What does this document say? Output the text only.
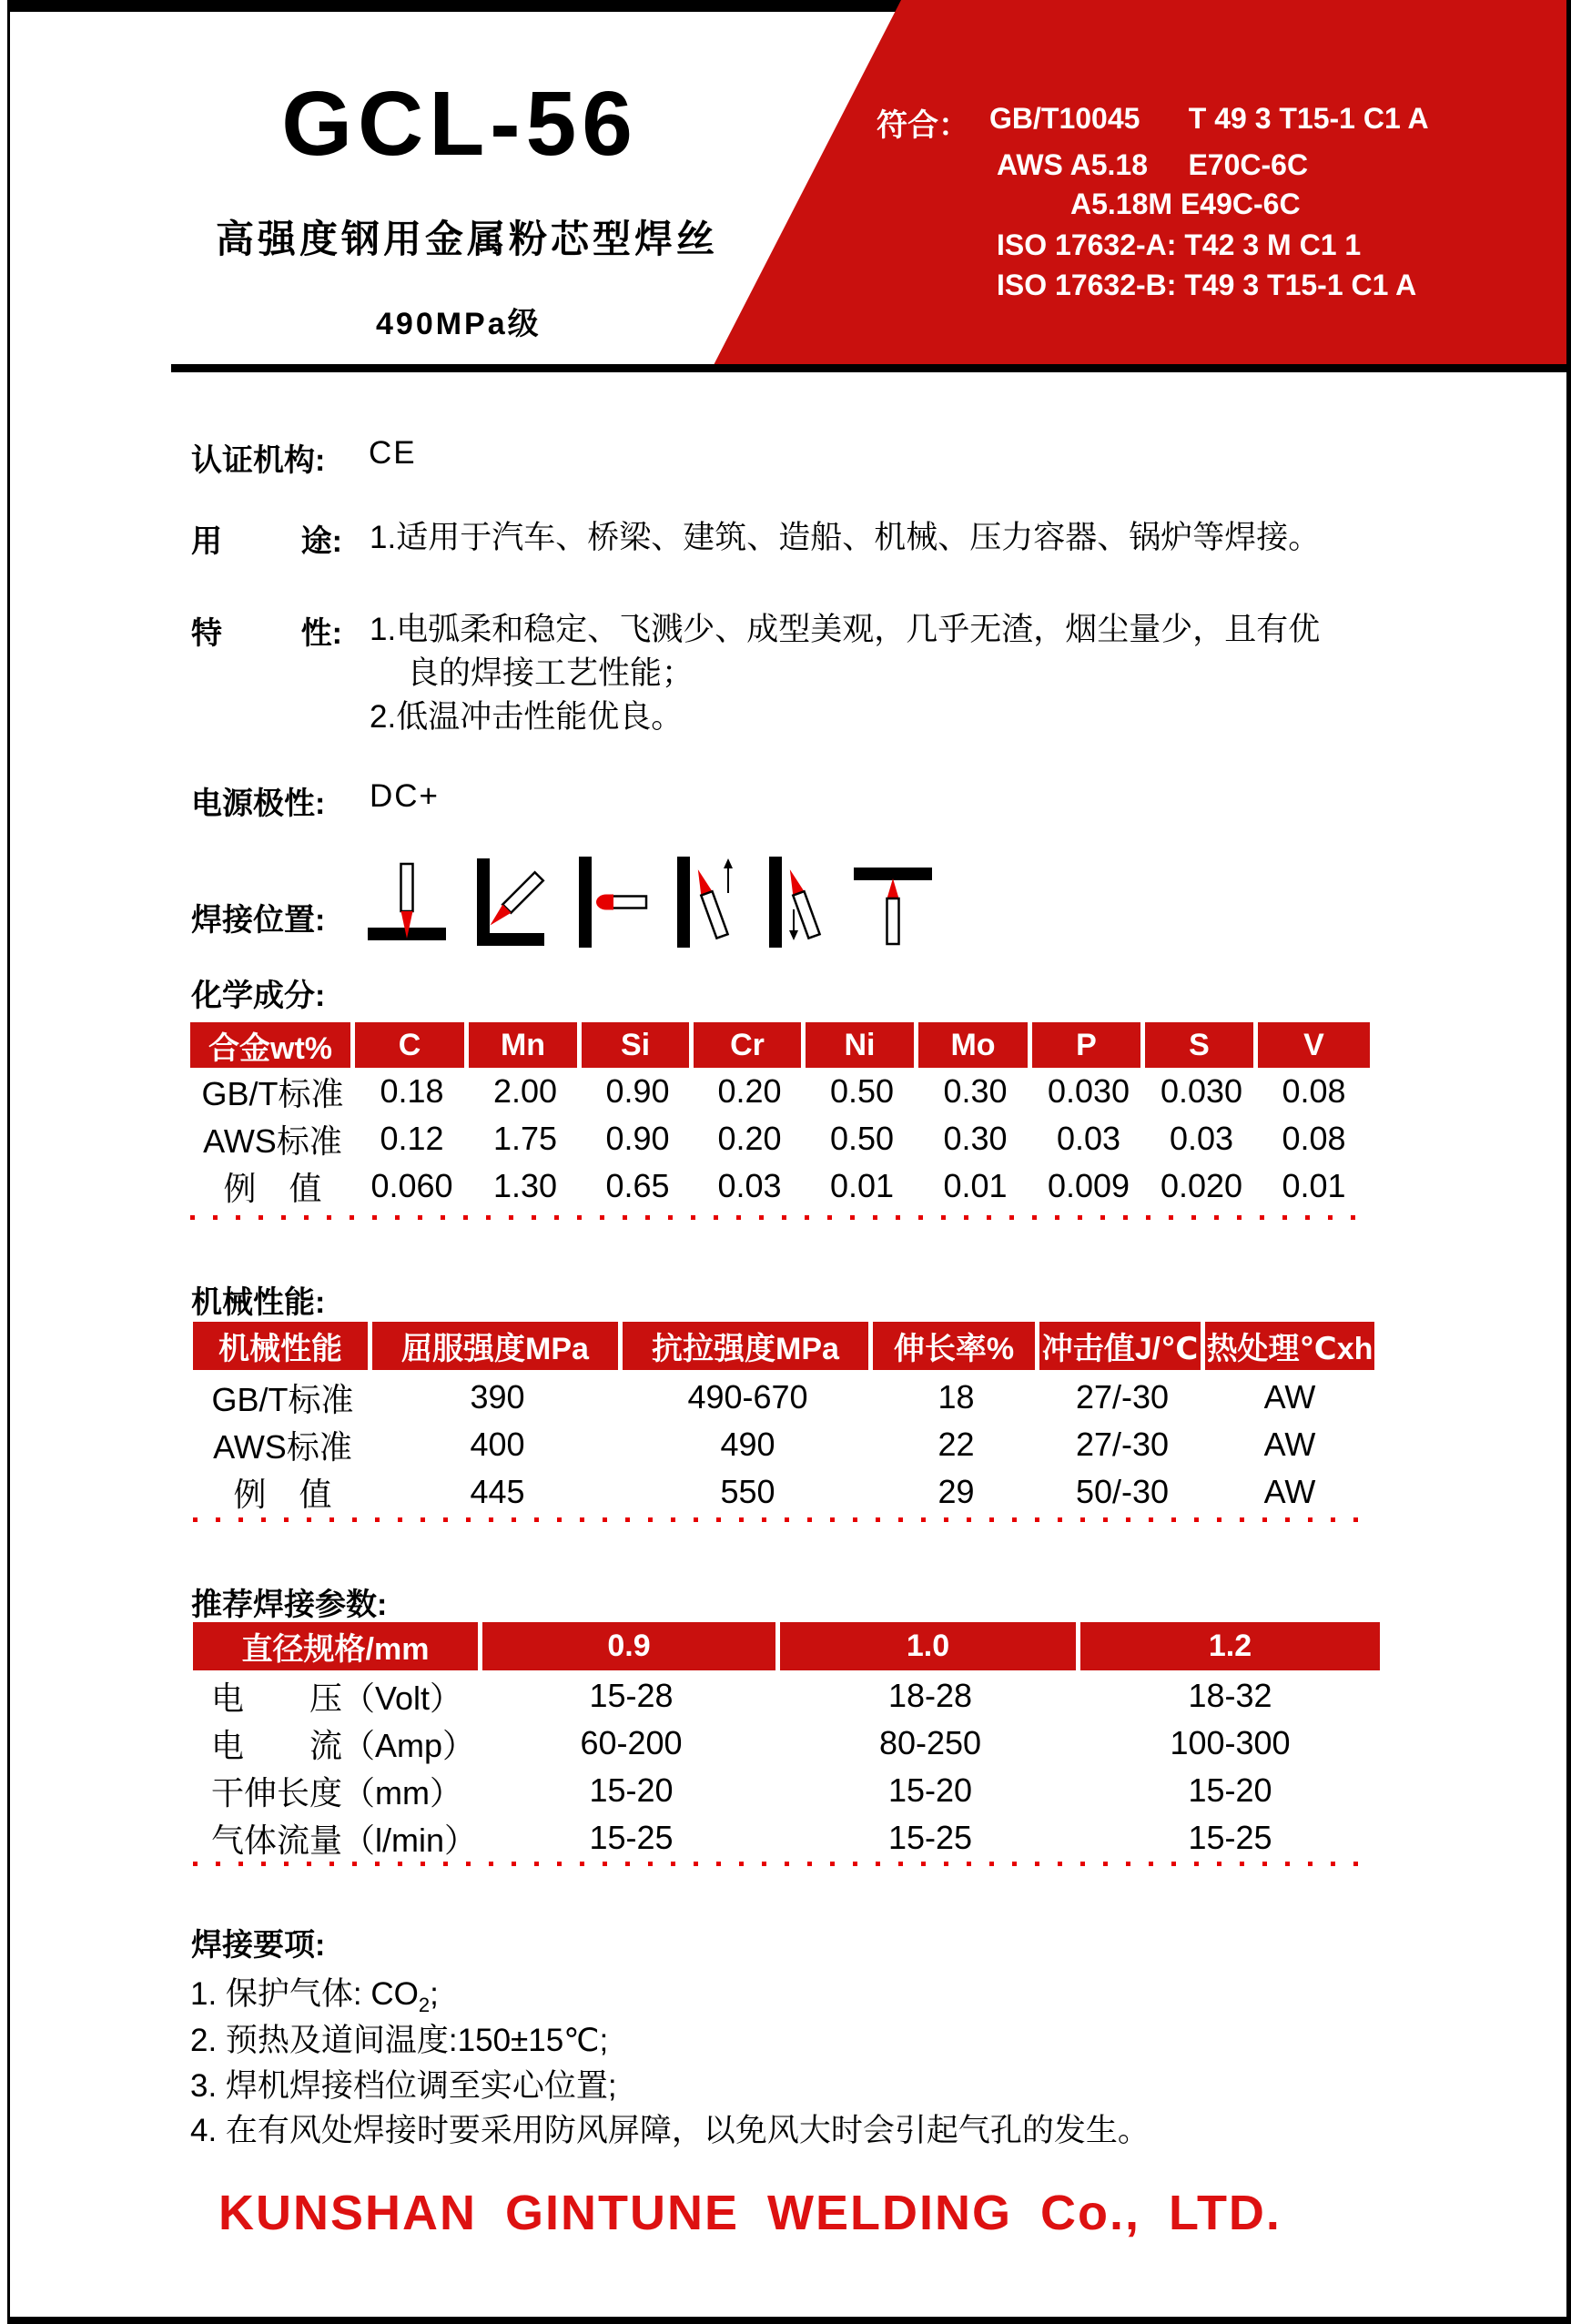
符合： GB/T10045      T 49 3 T15-1 C1 A
AWS A5.18     E70C-6C
A5.18M E49C-6C
ISO 17632-A: T42 3 M C1 1
ISO 17632-B: T49 3 T15-1 C1 A
GCL-56
高强度钢用金属粉芯型焊丝
490MPa级
认证机构: CE
用	途: 1.适用于汽车、桥梁、建筑、造船、机械、压力容器、锅炉等焊接。
特	性: 1.电弧柔和稳定、飞溅少、成型美观，几乎无渣，烟尘量少，且有优
良的焊接工艺性能；
2.低温冲击性能优良。
电源极性: DC+
焊接位置:
化学成分:
合金wt%	C	Mn	Si	Cr	Ni	Mo	P	S	V
GB/T标准	0.18	2.00	0.90	0.20	0.50	0.30	0.030 0.030	0.08
AWS标准	0.12	1.75	0.90	0.20	0.50	0.30	0.03	0.03	0.08
例　值	0.060	1.30	0.65	0.03	0.01	0.01	0.009 0.020	0.01
机械性能:
机械性能	屈服强度MPa	抗拉强度MPa	伸长率% 冲击值J/℃ 热处理℃xh
GB/T标准	390	490-670	18	27/-30	AW
AWS标准	400	490	22	27/-30	AW
例　值	445	550	29	50/-30	AW
推荐焊接参数:
直径规格/mm	0.9	1.0	1.2
电　　压（Volt）	15-28	18-28	18-32
电　　流（Amp）	60-200	80-250	100-300
干伸长度（mm）	15-20	15-20	15-20
气体流量（l/min）	15-25	15-25	15-25
焊接要项:
1. 保护气体: $CO_2$;
2. 预热及道间温度:150±15℃;
3. 焊机焊接档位调至实心位置;
4. 在有风处焊接时要采用防风屏障，以免风大时会引起气孔的发生。
KUNSHAN GINTUNE WELDING Co., LTD.
